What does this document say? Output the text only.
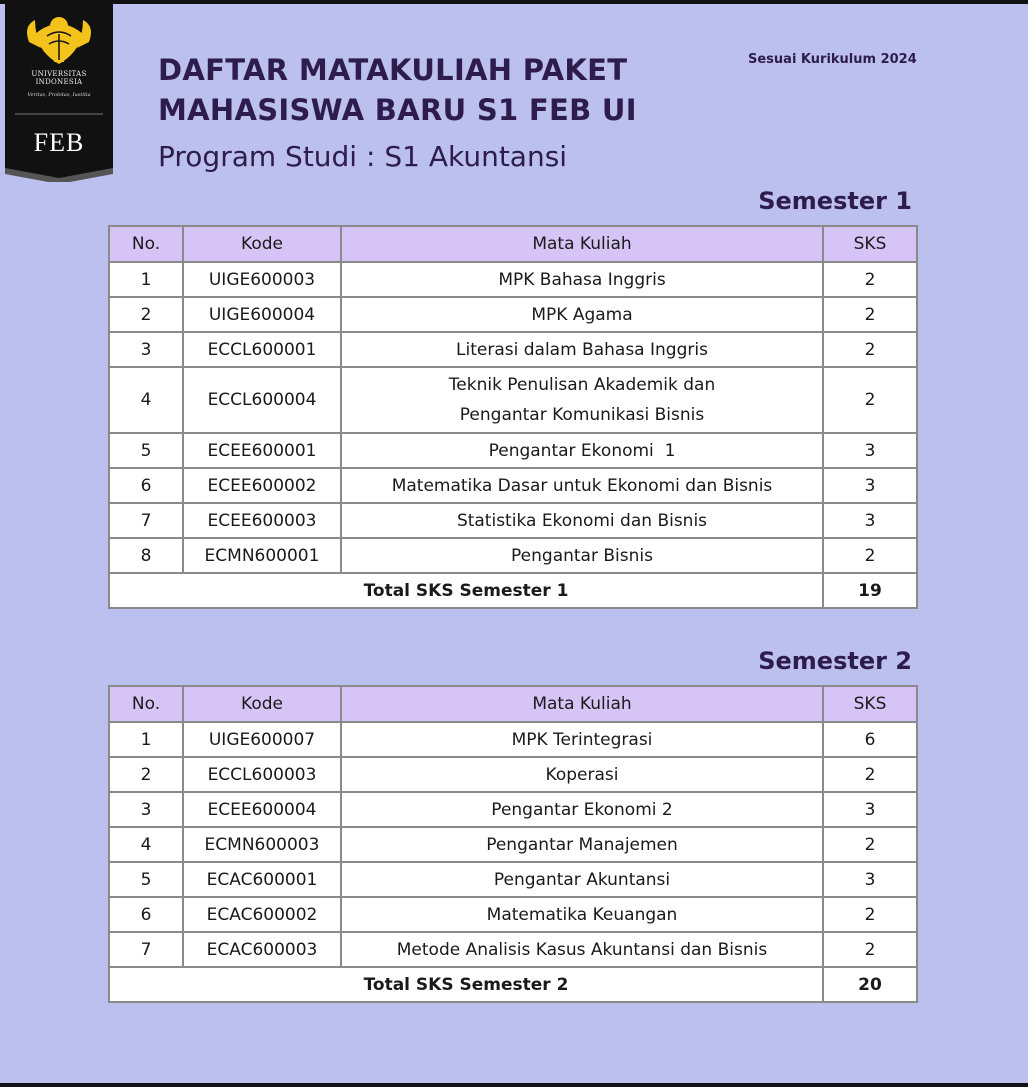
UNIVERSITAS
INDONESIA
Veritas, Probitas, Iustitia
FEB
DAFTAR MATAKULIAH PAKET
MAHASISWA BARU S1 FEB UI
Program Studi : S1 Akuntansi
Sesuai Kurikulum 2024
Semester 1
No.	Kode	Mata Kuliah	SKS
1	UIGE600003	MPK Bahasa Inggris	2
2	UIGE600004	MPK Agama	2
3	ECCL600001	Literasi dalam Bahasa Inggris	2
4	ECCL600004	Teknik Penulisan Akademik dan
Pengantar Komunikasi Bisnis	2
5	ECEE600001	Pengantar Ekonomi  1	3
6	ECEE600002	Matematika Dasar untuk Ekonomi dan Bisnis	3
7	ECEE600003	Statistika Ekonomi dan Bisnis	3
8	ECMN600001	Pengantar Bisnis	2
Total SKS Semester 1			19
Semester 2
No.	Kode	Mata Kuliah	SKS
1	UIGE600007	MPK Terintegrasi	6
2	ECCL600003	Koperasi	2
3	ECEE600004	Pengantar Ekonomi 2	3
4	ECMN600003	Pengantar Manajemen	2
5	ECAC600001	Pengantar Akuntansi	3
6	ECAC600002	Matematika Keuangan	2
7	ECAC600003	Metode Analisis Kasus Akuntansi dan Bisnis	2
Total SKS Semester 2			20
